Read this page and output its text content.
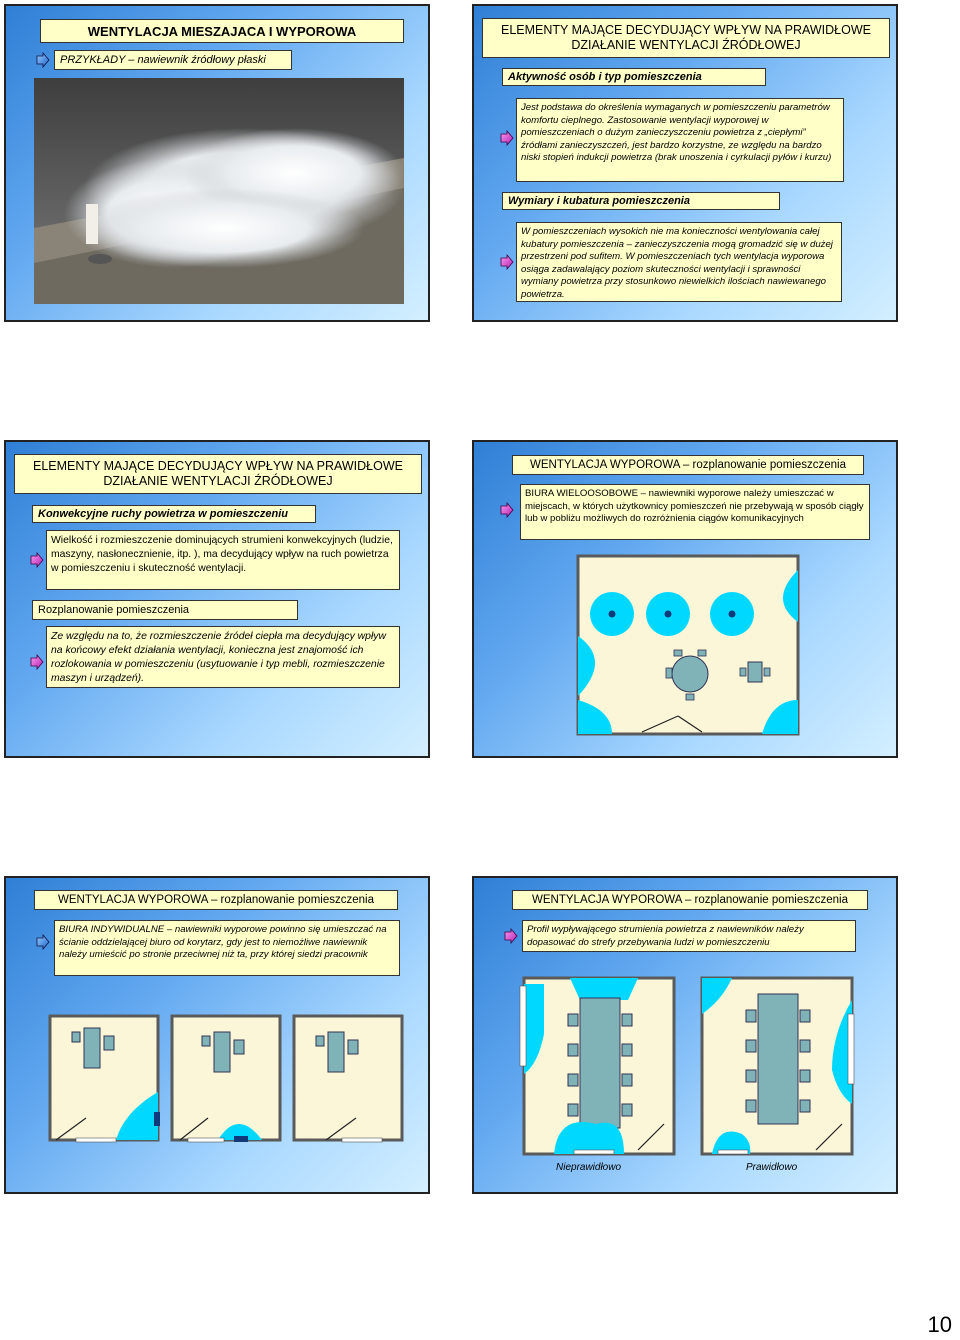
WENTYLACJA MIESZAJACA I WYPOROWA
PRZYKŁADY – nawiewnik źródłowy płaski
ELEMENTY MAJĄCE DECYDUJĄCY WPŁYW NA PRAWIDŁOWE DZIAŁANIE WENTYLACJI ŹRÓDŁOWEJ
Aktywność osób i typ pomieszczenia
Jest podstawa do określenia wymaganych w pomieszczeniu parametrów komfortu cieplnego. Zastosowanie wentylacji wyporowej w pomieszczeniach o dużym zanieczyszczeniu powietrza z „ciepłymi” źródłami zanieczyszczeń, jest bardzo korzystne, ze względu na bardzo niski stopień indukcji powietrza (brak unoszenia i cyrkulacji pyłów i kurzu)
Wymiary i kubatura pomieszczenia
W pomieszczeniach wysokich nie ma konieczności wentylowania całej kubatury pomieszczenia – zanieczyszczenia mogą gromadzić się w dużej przestrzeni pod sufitem. W pomieszczeniach tych wentylacja wyporowa osiąga zadawalający poziom skuteczności wentylacji i sprawności wymiany powietrza przy stosunkowo niewielkich ilościach nawiewanego powietrza.
ELEMENTY MAJĄCE DECYDUJĄCY WPŁYW NA PRAWIDŁOWE DZIAŁANIE WENTYLACJI ŹRÓDŁOWEJ
Konwekcyjne ruchy powietrza w pomieszczeniu
Wielkość i rozmieszczenie dominujących strumieni konwekcyjnych (ludzie, maszyny, nasłonecznienie, itp. ), ma decydujący wpływ na ruch powietrza w pomieszczeniu i skuteczność wentylacji.
Rozplanowanie pomieszczenia
Ze względu na to, że rozmieszczenie źródeł ciepła ma decydujący wpływ na końcowy efekt działania wentylacji, konieczna jest znajomość ich rozlokowania w pomieszczeniu (usytuowanie i typ mebli, rozmieszczenie maszyn i urządzeń).
WENTYLACJA WYPOROWA – rozplanowanie pomieszczenia
BIURA WIELOOSOBOWE – nawiewniki wyporowe należy umieszczać w miejscach, w których użytkownicy pomieszczeń nie przebywają w sposób ciągły lub w pobliżu możliwych do rozróżnienia ciągów komunikacyjnych
WENTYLACJA WYPOROWA – rozplanowanie pomieszczenia
BIURA INDYWIDUALNE – nawiewniki wyporowe powinno się umieszczać na ścianie oddzielającej biuro od korytarz, gdy jest to niemożliwe nawiewnik należy umieścić po stronie przeciwnej niż ta, przy której siedzi pracownik
WENTYLACJA WYPOROWA – rozplanowanie pomieszczenia
Profil wypływającego strumienia powietrza z nawiewników należy dopasować do strefy przebywania ludzi w pomieszczeniu
Nieprawidłowo	Prawidłowo
10
